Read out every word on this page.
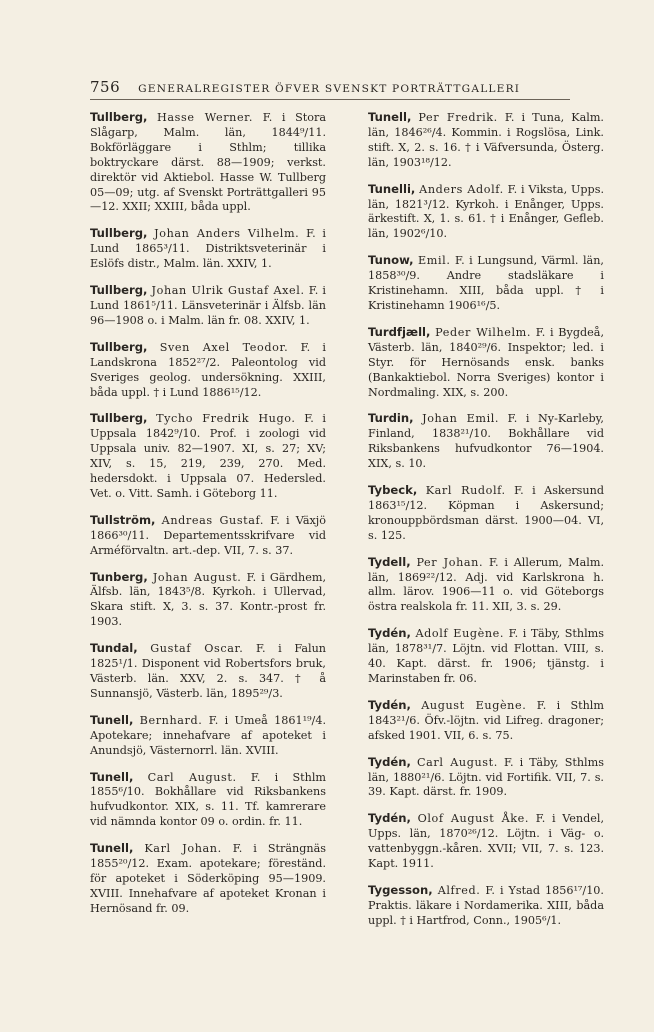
756 GENERALREGISTER ÖFVER SVENSKT PORTRÄTTGALLERI

Tullberg, Hasse Werner. F. i Stora Slågarp, Malm. län, 1844⁹/11. Bokförläggare i Sthlm; tillika boktryckare därst. 88—1909; verkst. direktör vid Aktiebol. Hasse W. Tullberg 05—09; utg. af Svenskt Porträttgalleri 95—12. XXII; XXIII, båda uppl.

Tullberg, Johan Anders Vilhelm. F. i Lund 1865³/11. Distriktsveterinär i Eslöfs distr., Malm. län. XXIV, 1.

Tullberg, Johan Ulrik Gustaf Axel. F. i Lund 1861⁵/11. Länsveterinär i Älfsb. län 96—1908 o. i Malm. län fr. 08. XXIV, 1.

Tullberg, Sven Axel Teodor. F. i Landskrona 1852²⁷/2. Paleontolog vid Sveriges geolog. undersökning. XXIII, båda uppl. † i Lund 1886¹⁵/12.

Tullberg, Tycho Fredrik Hugo. F. i Uppsala 1842⁹/10. Prof. i zoologi vid Uppsala univ. 82—1907. XI, s. 27; XV; XIV, s. 15, 219, 239, 270. Med. hedersdokt. i Uppsala 07. Hedersled. Vet. o. Vitt. Samh. i Göteborg 11.

Tullström, Andreas Gustaf. F. i Växjö 1866³⁰/11. Departementsskrifvare vid Arméförvaltn. art.-dep. VII, 7. s. 37.

Tunberg, Johan August. F. i Gärdhem, Älfsb. län, 1843⁵/8. Kyrkoh. i Ullervad, Skara stift. X, 3. s. 37. Kontr.-prost fr. 1903.

Tundal, Gustaf Oscar. F. i Falun 1825¹/1. Disponent vid Robertsfors bruk, Västerb. län. XXV, 2. s. 347. † å Sunnansjö, Västerb. län, 1895²⁹/3.

Tunell, Bernhard. F. i Umeå 1861¹⁹/4. Apotekare; innehafvare af apoteket i Anundsjö, Västernorrl. län. XVIII.

Tunell, Carl August. F. i Sthlm 1855⁶/10. Bokhållare vid Riksbankens hufvudkontor. XIX, s. 11. Tf. kamrerare vid nämnda kontor 09 o. ordin. fr. 11.

Tunell, Karl Johan. F. i Strängnäs 1855²⁰/12. Exam. apotekare; föreständ. för apoteket i Söderköping 95—1909. XVIII. Innehafvare af apoteket Kronan i Hernösand fr. 09.

Tunell, Per Fredrik. F. i Tuna, Kalm. län, 1846²⁶/4. Kommin. i Rogslösa, Link. stift. X, 2. s. 16. † i Väfversunda, Österg. län, 1903¹⁸/12.

Tunelli, Anders Adolf. F. i Viksta, Upps. län, 1821³/12. Kyrkoh. i Enånger, Upps. ärkestift. X, 1. s. 61. † i Enånger, Gefleb. län, 1902⁶/10.

Tunow, Emil. F. i Lungsund, Värml. län, 1858³⁰/9. Andre stadsläkare i Kristinehamn. XIII, båda uppl. † i Kristinehamn 1906¹⁶/5.

Turdfjæll, Peder Wilhelm. F. i Bygdeå, Västerb. län, 1840²⁹/6. Inspektor; led. i Styr. för Hernösands ensk. banks (Bankaktiebol. Norra Sveriges) kontor i Nordmaling. XIX, s. 200.

Turdin, Johan Emil. F. i Ny-Karleby, Finland, 1838²¹/10. Bokhållare vid Riksbankens hufvudkontor 76—1904. XIX, s. 10.

Tybeck, Karl Rudolf. F. i Askersund 1863¹⁵/12. Köpman i Askersund; kronouppbördsman därst. 1900—04. VI, s. 125.

Tydell, Per Johan. F. i Allerum, Malm. län, 1869²²/12. Adj. vid Karlskrona h. allm. lärov. 1906—11 o. vid Göteborgs östra realskola fr. 11. XII, 3. s. 29.

Tydén, Adolf Eugène. F. i Täby, Sthlms län, 1878³¹/7. Löjtn. vid Flottan. VIII, s. 40. Kapt. därst. fr. 1906; tjänstg. i Marinstaben fr. 06.

Tydén, August Eugène. F. i Sthlm 1843²¹/6. Öfv.-löjtn. vid Lifreg. dragoner; afsked 1901. VII, 6. s. 75.

Tydén, Carl August. F. i Täby, Sthlms län, 1880²¹/6. Löjtn. vid Fortifik. VII, 7. s. 39. Kapt. därst. fr. 1909.

Tydén, Olof August Åke. F. i Vendel, Upps. län, 1870²⁶/12. Löjtn. i Väg- o. vattenbyggn.-kåren. XVII; VII, 7. s. 123. Kapt. 1911.

Tygesson, Alfred. F. i Ystad 1856¹⁷/10. Praktis. läkare i Nordamerika. XIII, båda uppl. † i Hartfrod, Conn., 1905⁶/1.
